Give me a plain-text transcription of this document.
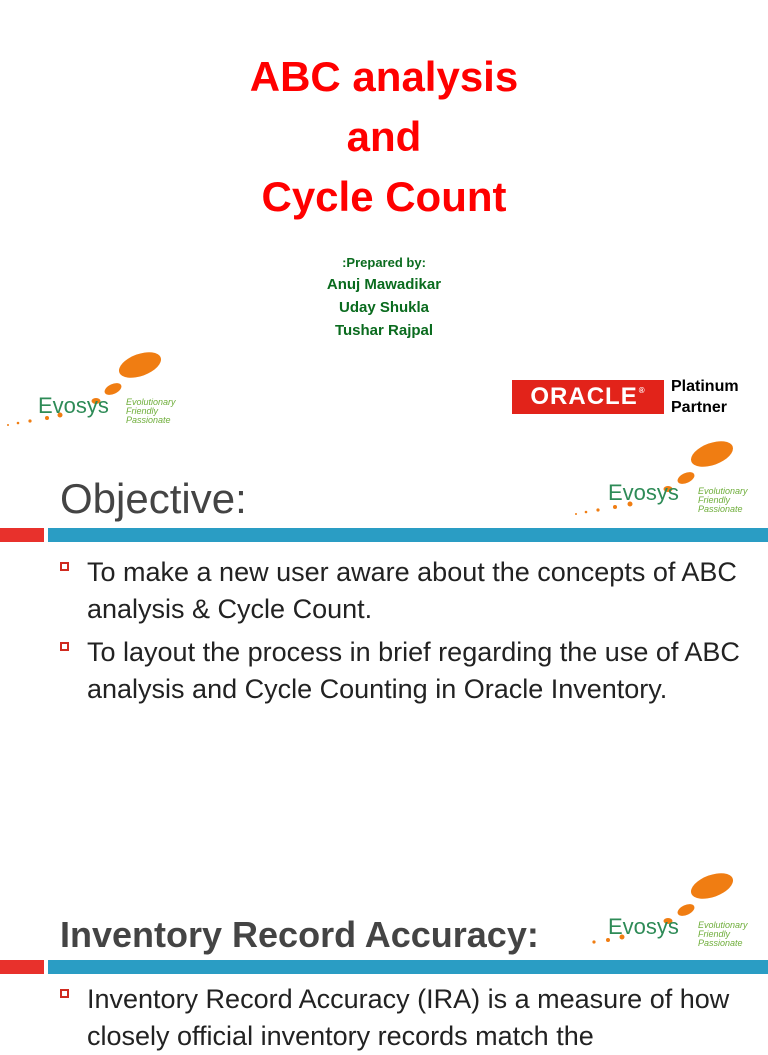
ABC analysis
and
Cycle Count
:Prepared by:
Anuj Mawadikar
Uday Shukla
Tushar Rajpal
Evosys Evolutionary
Friendly
Passionate
ORACLE®	Platinum
Partner
Objective:	Evosys Evolutionary
Friendly
Passionate
To make a new user aware about the concepts of ABC analysis & Cycle Count.
To layout the process in brief regarding the use of ABC analysis and Cycle Counting in Oracle Inventory.
Evosys Evolutionary
Friendly
Passionate
Inventory Record Accuracy:
Inventory Record Accuracy (IRA) is a measure of how closely official inventory records match the
